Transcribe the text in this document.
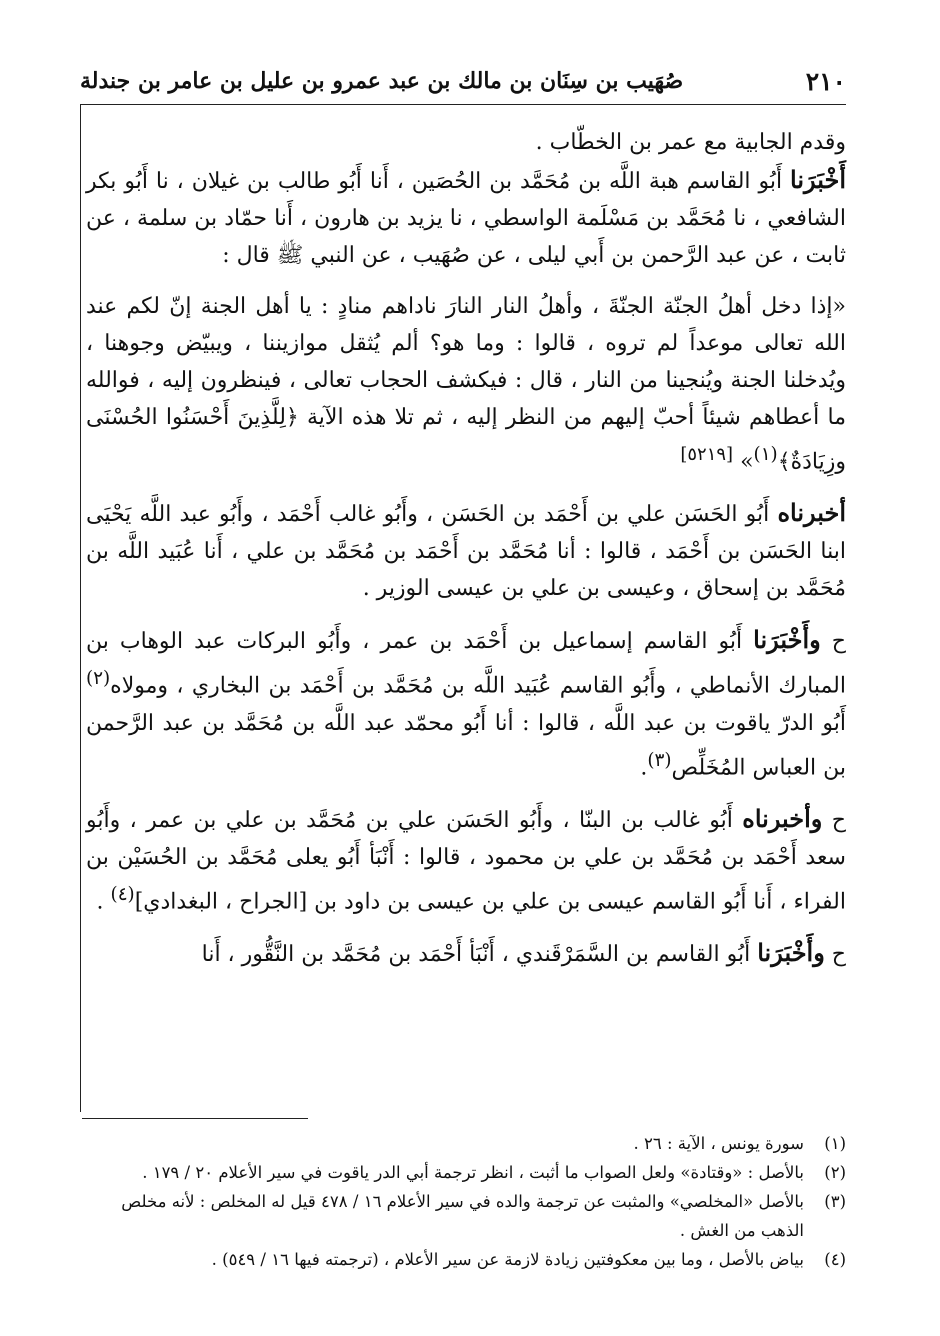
٢١٠
صُهَيب بن سِنَان بن مالك بن عبد عمرو بن عليل بن عامر بن جندلة

وقدم الجابية مع عمر بن الخطّاب .

أَخْبَرَنا أَبُو القاسم هبة اللَّه بن مُحَمَّد بن الحُصَين ، أَنا أَبُو طالب بن غيلان ، نا أَبُو بكر الشافعي ، نا مُحَمَّد بن مَسْلَمة الواسطي ، نا يزيد بن هارون ، أَنا حمّاد بن سلمة ، عن ثابت ، عن عبد الرَّحمن بن أَبي ليلى ، عن صُهَيب ، عن النبي ﷺ قال :

«إذا دخل أهلُ الجنّة الجنّةَ ، وأهلُ النار النارَ ناداهم منادٍ : يا أهل الجنة إنّ لكم عند الله تعالى موعداً لم تروه ، قالوا : وما هو؟ ألم يُثقل موازيننا ، ويبيّض وجوهنا ، ويُدخلنا الجنة ويُنجينا من النار ، قال : فيكشف الحجاب تعالى ، فينظرون إليه ، فوالله ما أعطاهم شيئاً أحبّ إليهم من النظر إليه ، ثم تلا هذه الآية ﴿لِلَّذِينَ أَحْسَنُوا الحُسْنَى وزِيَادَةٌ﴾$^{(١)}$» [٥٢١٩]

أخبرناه أَبُو الحَسَن علي بن أَحْمَد بن الحَسَن ، وأَبُو غالب أَحْمَد ، وأَبُو عبد اللَّه يَحْيَى ابنا الحَسَن بن أَحْمَد ، قالوا : أنا مُحَمَّد بن أَحْمَد بن مُحَمَّد بن علي ، أَنا عُبَيد اللَّه بن مُحَمَّد بن إسحاق ، وعيسى بن علي بن عيسى الوزير .

ح وأَخْبَرَنا أَبُو القاسم إسماعيل بن أَحْمَد بن عمر ، وأَبُو البركات عبد الوهاب بن المبارك الأنماطي ، وأَبُو القاسم عُبَيد اللَّه بن مُحَمَّد بن أَحْمَد بن البخاري ، ومولاه$^{(٢)}$ أَبُو الدرّ ياقوت بن عبد اللَّه ، قالوا : أنا أَبُو محمّد عبد اللَّه بن مُحَمَّد بن عبد الرَّحمن بن العباس المُخَلِّص$^{(٣)}$.

ح وأخبرناه أَبُو غالب بن البنّا ، وأَبُو الحَسَن علي بن مُحَمَّد بن علي بن عمر ، وأَبُو سعد أَحْمَد بن مُحَمَّد بن علي بن محمود ، قالوا : أَنْبَأ أَبُو يعلى مُحَمَّد بن الحُسَيْن بن الفراء ، أَنا أَبُو القاسم عيسى بن علي بن عيسى بن داود بن [الجراح ، البغدادي]$^{(٤)}$ .

ح وأَخْبَرَنا أَبُو القاسم بن السَّمَرْقَندي ، أَنْبَأ أَحْمَد بن مُحَمَّد بن النَّقُّور ، أَنا

(١)
سورة يونس ، الآية : ٢٦ .
(٢)
بالأصل : «وقتادة» ولعل الصواب ما أثبت ، انظر ترجمة أبي الدر ياقوت في سير الأعلام ٢٠ / ١٧٩ .
(٣)
بالأصل «المخلصي» والمثبت عن ترجمة والده في سير الأعلام ١٦ / ٤٧٨ قيل له المخلص : لأنه مخلص الذهب من الغش .
(٤)
بياض بالأصل ، وما بين معكوفتين زيادة لازمة عن سير الأعلام ، (ترجمته فيها ١٦ / ٥٤٩) .
